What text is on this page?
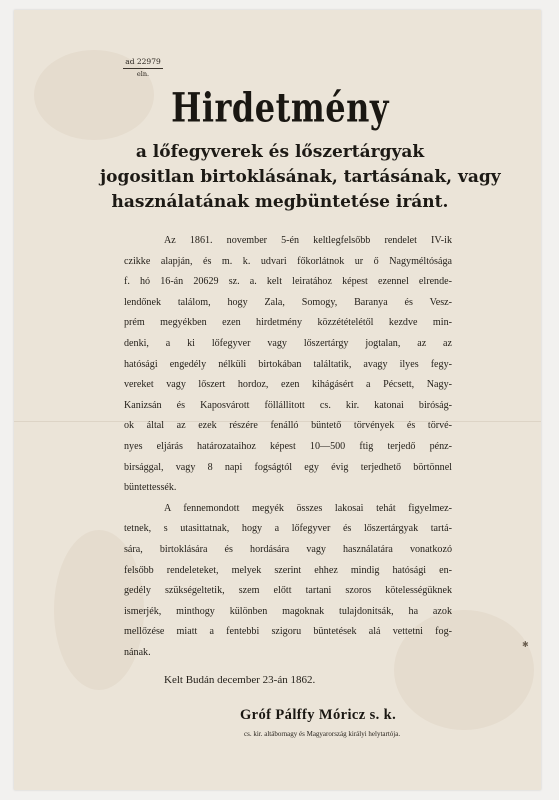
ad 22979
eln.
Hirdetmény
a lőfegyverek és lőszertárgyak
jogositlan birtoklásának, tartásának, vagy
használatának megbüntetése iránt.
Az 1861. november 5-én keltlegfelsőbb rendelet IV-ik
czikke alapján, és m. k. udvari főkorlátnok ur ő Nagyméltósága
f. hó 16-án 20629 sz. a. kelt leiratához képest ezennel elrende-
lendőnek találom, hogy Zala, Somogy, Baranya és Vesz-
prém megyékben ezen hirdetmény közzétételétől kezdve min-
denki, a ki lőfegyver vagy lőszertárgy jogtalan, az az
hatósági engedély nélküli birtokában találtatik, avagy ilyes fegy-
vereket vagy lőszert hordoz, ezen kihágásért a Pécsett, Nagy-
Kanizsán és Kaposvárott föllállitott cs. kir. katonai biróság-
ok által az ezek részére fenálló büntető törvények és törvé-
nyes eljárás határozataihoz képest 10—500 ftig terjedő pénz-
birsággal, vagy 8 napi fogságtól egy évig terjedhető börtönnel
büntettessék.
A fennemondott megyék összes lakosai tehát figyelmez-
tetnek, s utasittatnak, hogy a lőfegyver és lőszertárgyak tartá-
sára, birtoklására és hordására vagy használatára vonatkozó
felsőbb rendeleteket, melyek szerint ehhez mindig hatósági en-
gedély szükségeltetik, szem előtt tartani szoros kötelességüknek
ismerjék, minthogy különben magoknak tulajdonitsák, ha azok
mellőzése miatt a fentebbi szigoru büntetések alá vettetni fog-
nának.
Kelt Budán december 23-án 1862.
Gróf Pálffy Móricz s. k.
cs. kir. altábornagy és Magyarország királyi helytartója.
✱
